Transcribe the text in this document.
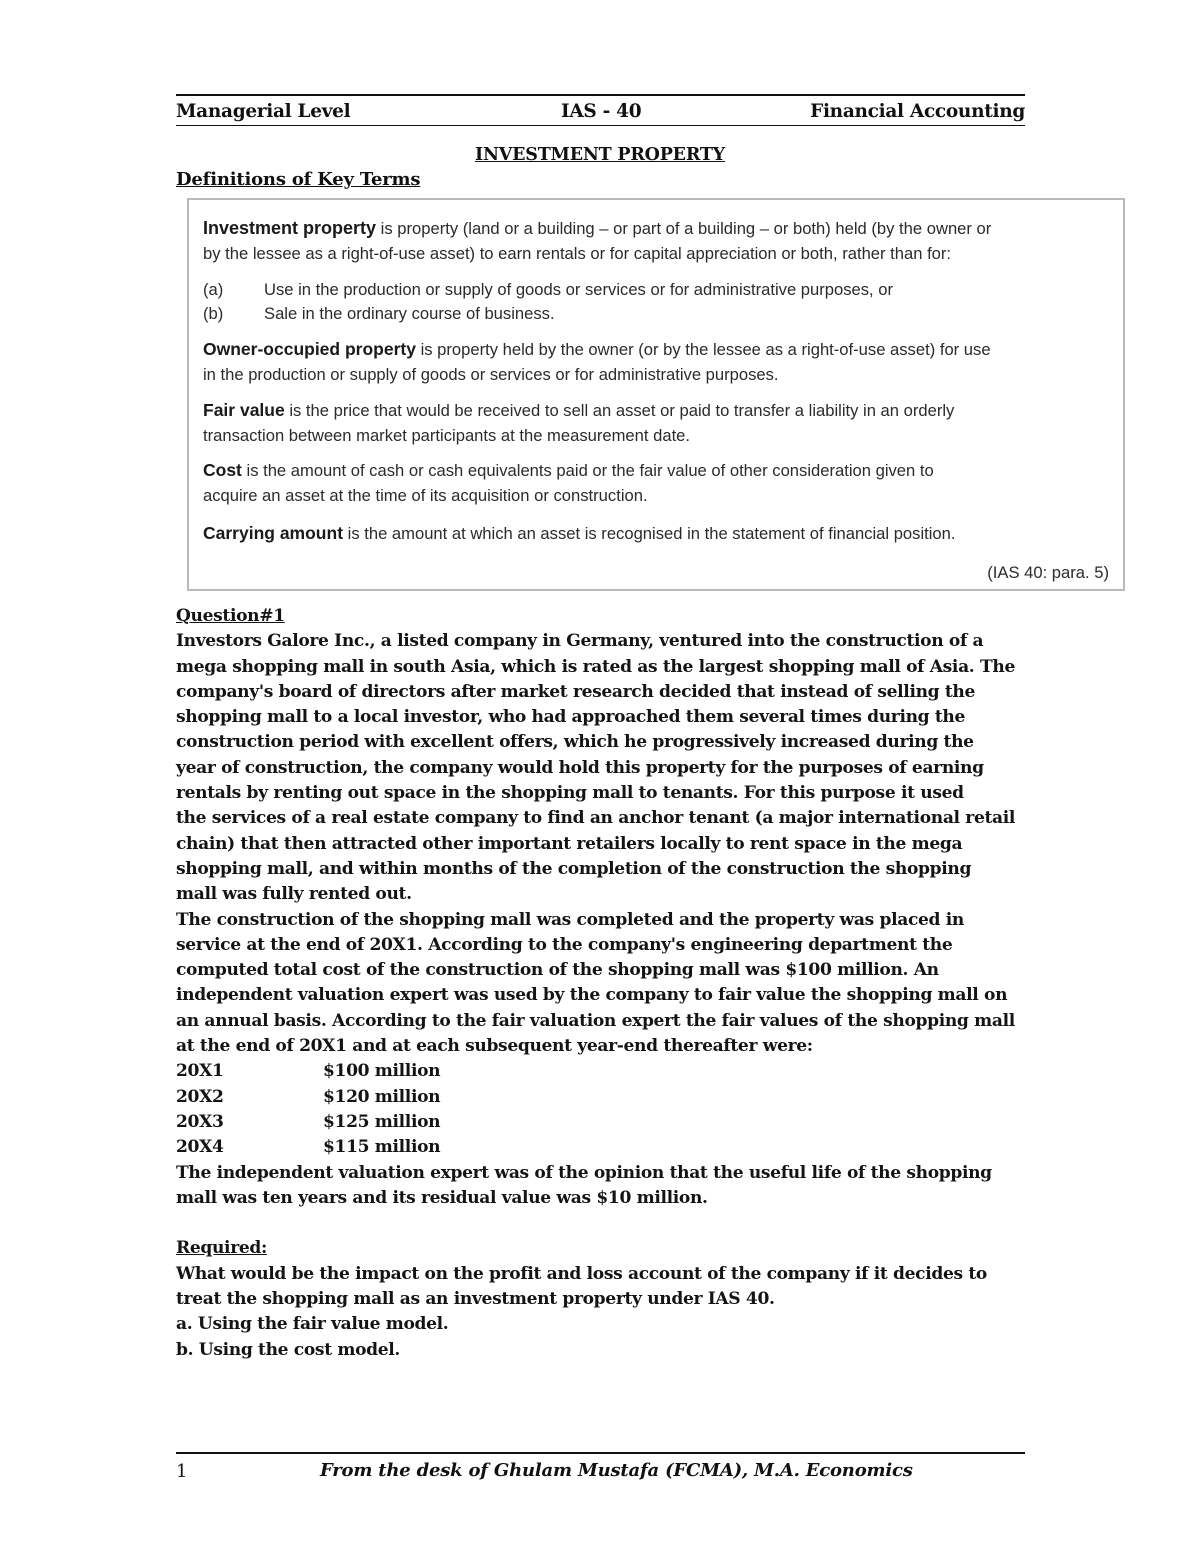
Managerial Level	IAS - 40	Financial Accounting
INVESTMENT PROPERTY
Definitions of Key Terms
Investment property is property (land or a building – or part of a building – or both) held (by the owner or
by the lessee as a right-of-use asset) to earn rentals or for capital appreciation or both, rather than for:
(a) Use in the production or supply of goods or services or for administrative purposes, or
(b) Sale in the ordinary course of business.
Owner-occupied property is property held by the owner (or by the lessee as a right-of-use asset) for use
in the production or supply of goods or services or for administrative purposes.
Fair value is the price that would be received to sell an asset or paid to transfer a liability in an orderly
transaction between market participants at the measurement date.
Cost is the amount of cash or cash equivalents paid or the fair value of other consideration given to
acquire an asset at the time of its acquisition or construction.
Carrying amount is the amount at which an asset is recognised in the statement of financial position.
(IAS 40: para. 5)
Question#1
Investors Galore Inc., a listed company in Germany, ventured into the construction of a
mega shopping mall in south Asia, which is rated as the largest shopping mall of Asia. The
company's board of directors after market research decided that instead of selling the
shopping mall to a local investor, who had approached them several times during the
construction period with excellent offers, which he progressively increased during the
year of construction, the company would hold this property for the purposes of earning
rentals by renting out space in the shopping mall to tenants. For this purpose it used
the services of a real estate company to find an anchor tenant (a major international retail
chain) that then attracted other important retailers locally to rent space in the mega
shopping mall, and within months of the completion of the construction the shopping
mall was fully rented out.
The construction of the shopping mall was completed and the property was placed in
service at the end of 20X1. According to the company's engineering department the
computed total cost of the construction of the shopping mall was $100 million. An
independent valuation expert was used by the company to fair value the shopping mall on
an annual basis. According to the fair valuation expert the fair values of the shopping mall
at the end of 20X1 and at each subsequent year-end thereafter were:
20X1	$100 million
20X2	$120 million
20X3	$125 million
20X4	$115 million
The independent valuation expert was of the opinion that the useful life of the shopping
mall was ten years and its residual value was $10 million.
Required:
What would be the impact on the profit and loss account of the company if it decides to
treat the shopping mall as an investment property under IAS 40.
a. Using the fair value model.
b. Using the cost model.
1	From the desk of Ghulam Mustafa (FCMA), M.A. Economics
